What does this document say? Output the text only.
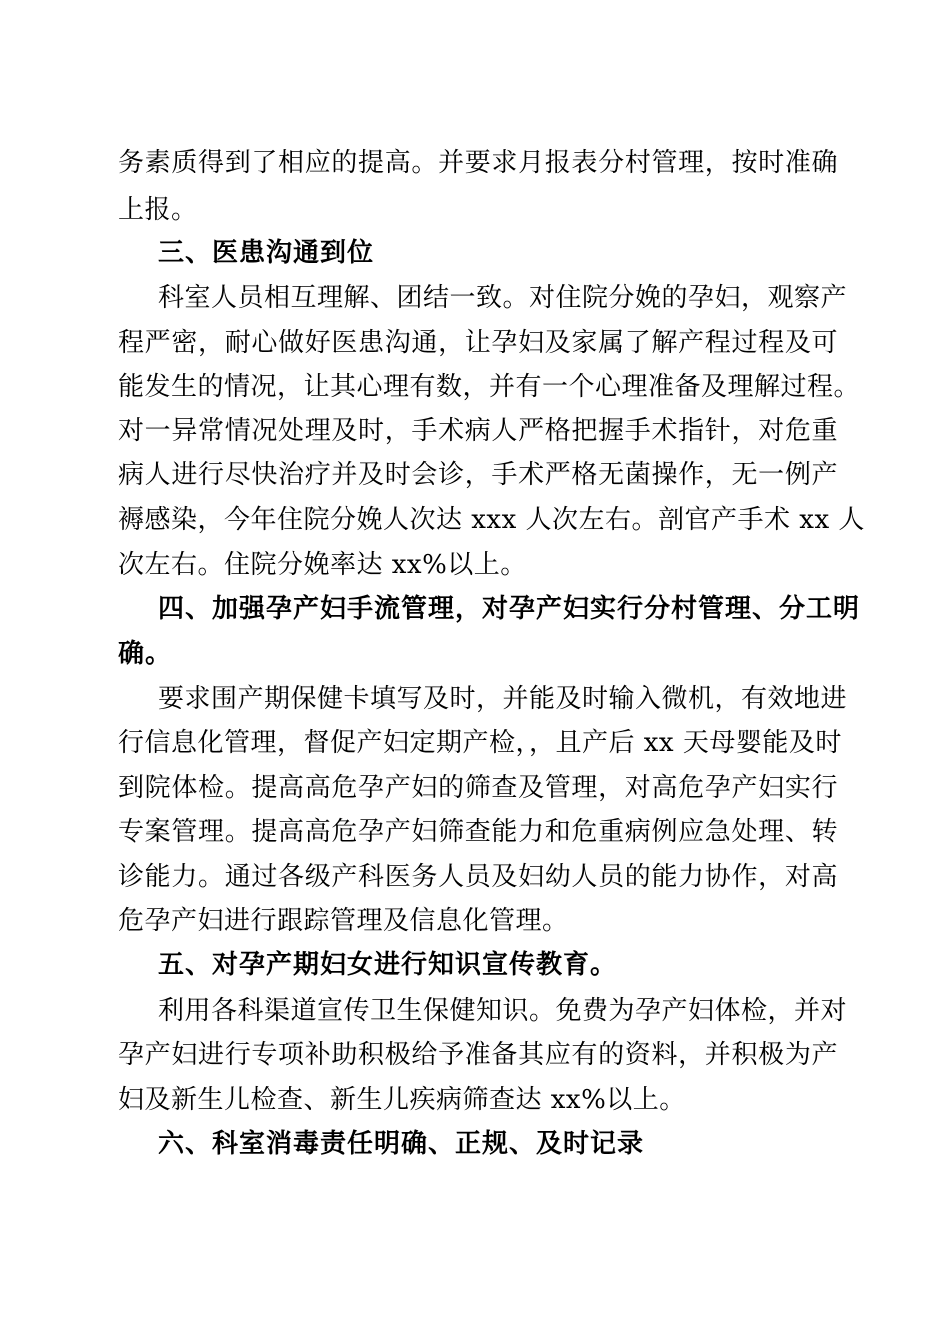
务素质得到了相应的提高。并要求月报表分村管理，按时准确
上报。
三、医患沟通到位
科室人员相互理解、团结一致。对住院分娩的孕妇，观察产
程严密，耐心做好医患沟通，让孕妇及家属了解产程过程及可
能发生的情况，让其心理有数，并有一个心理准备及理解过程。
对一异常情况处理及时，手术病人严格把握手术指针，对危重
病人进行尽快治疗并及时会诊，手术严格无菌操作，无一例产
褥感染，今年住院分娩人次达 xxx 人次左右。剖官产手术 xx 人
次左右。住院分娩率达 xx%以上。
四、加强孕产妇手流管理，对孕产妇实行分村管理、分工明
确。
要求围产期保健卡填写及时，并能及时输入微机，有效地进
行信息化管理，督促产妇定期产检，，且产后 xx 天母婴能及时
到院体检。提高高危孕产妇的筛查及管理，对高危孕产妇实行
专案管理。提高高危孕产妇筛查能力和危重病例应急处理、转
诊能力。通过各级产科医务人员及妇幼人员的能力协作，对高
危孕产妇进行跟踪管理及信息化管理。
五、对孕产期妇女进行知识宣传教育。
利用各科渠道宣传卫生保健知识。免费为孕产妇体检，并对
孕产妇进行专项补助积极给予准备其应有的资料，并积极为产
妇及新生儿检查、新生儿疾病筛查达 xx%以上。
六、科室消毒责任明确、正规、及时记录
